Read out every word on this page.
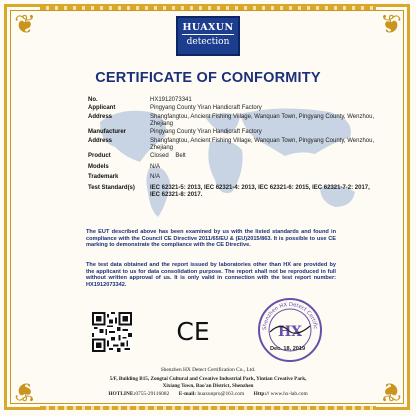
❦	❦
❦	❦
HUAXUN
detection
CERTIFICATE OF CONFORMITY
No.	HX1912073341
Applicant	Pingyang County Yiran Handicraft Factory
Address	Shangfangtou, Ancient Fishing Village, Wanquan Town, Pingyang County, Wenzhou, Zhejiang
Manufacturer	Pingyang County Yiran Handicraft Factory
Address	Shangfangtou, Ancient Fishing Village, Wanquan Town, Pingyang County, Wenzhou, Zhejiang
Product	Closed    Belt
Models	N/A
Trademark	N/A
Test Standard(s)	IEC 62321-5: 2013, IEC 62321-4: 2013, IEC 62321-6: 2015, IEC 62321-7-2: 2017, IEC 62321-8: 2017.
The EUT described above has been examined by us with the listed standards and found in compliance with the Council CE Directive 2011/65/EU & (EU)2015/863. It is possible to use CE marking to demonstrate the compliance with the CE Directive.
The test data obtained and the report issued by laboratories other than HX are provided by the applicant to us for data consolidation purpose. The report shall not be reproduced in full without written approval of us. It is only valid in connection with the test report number: HX1912073342.
CE	Shenzhen HX Detect Certific
HX
Dec. 18, 2019
Shenzhen HX Detect Certification Co., Ltd.
5/F, Building B15, Zongtai Cultural and Creative Industrial Park, Yintian Creative Park,
Xixiang Town, Bao'an District, Shenzhen
HOTLINE:0755-29116082 E-mail: huaxunpro@163.com Http:// www.hx-lab.com
